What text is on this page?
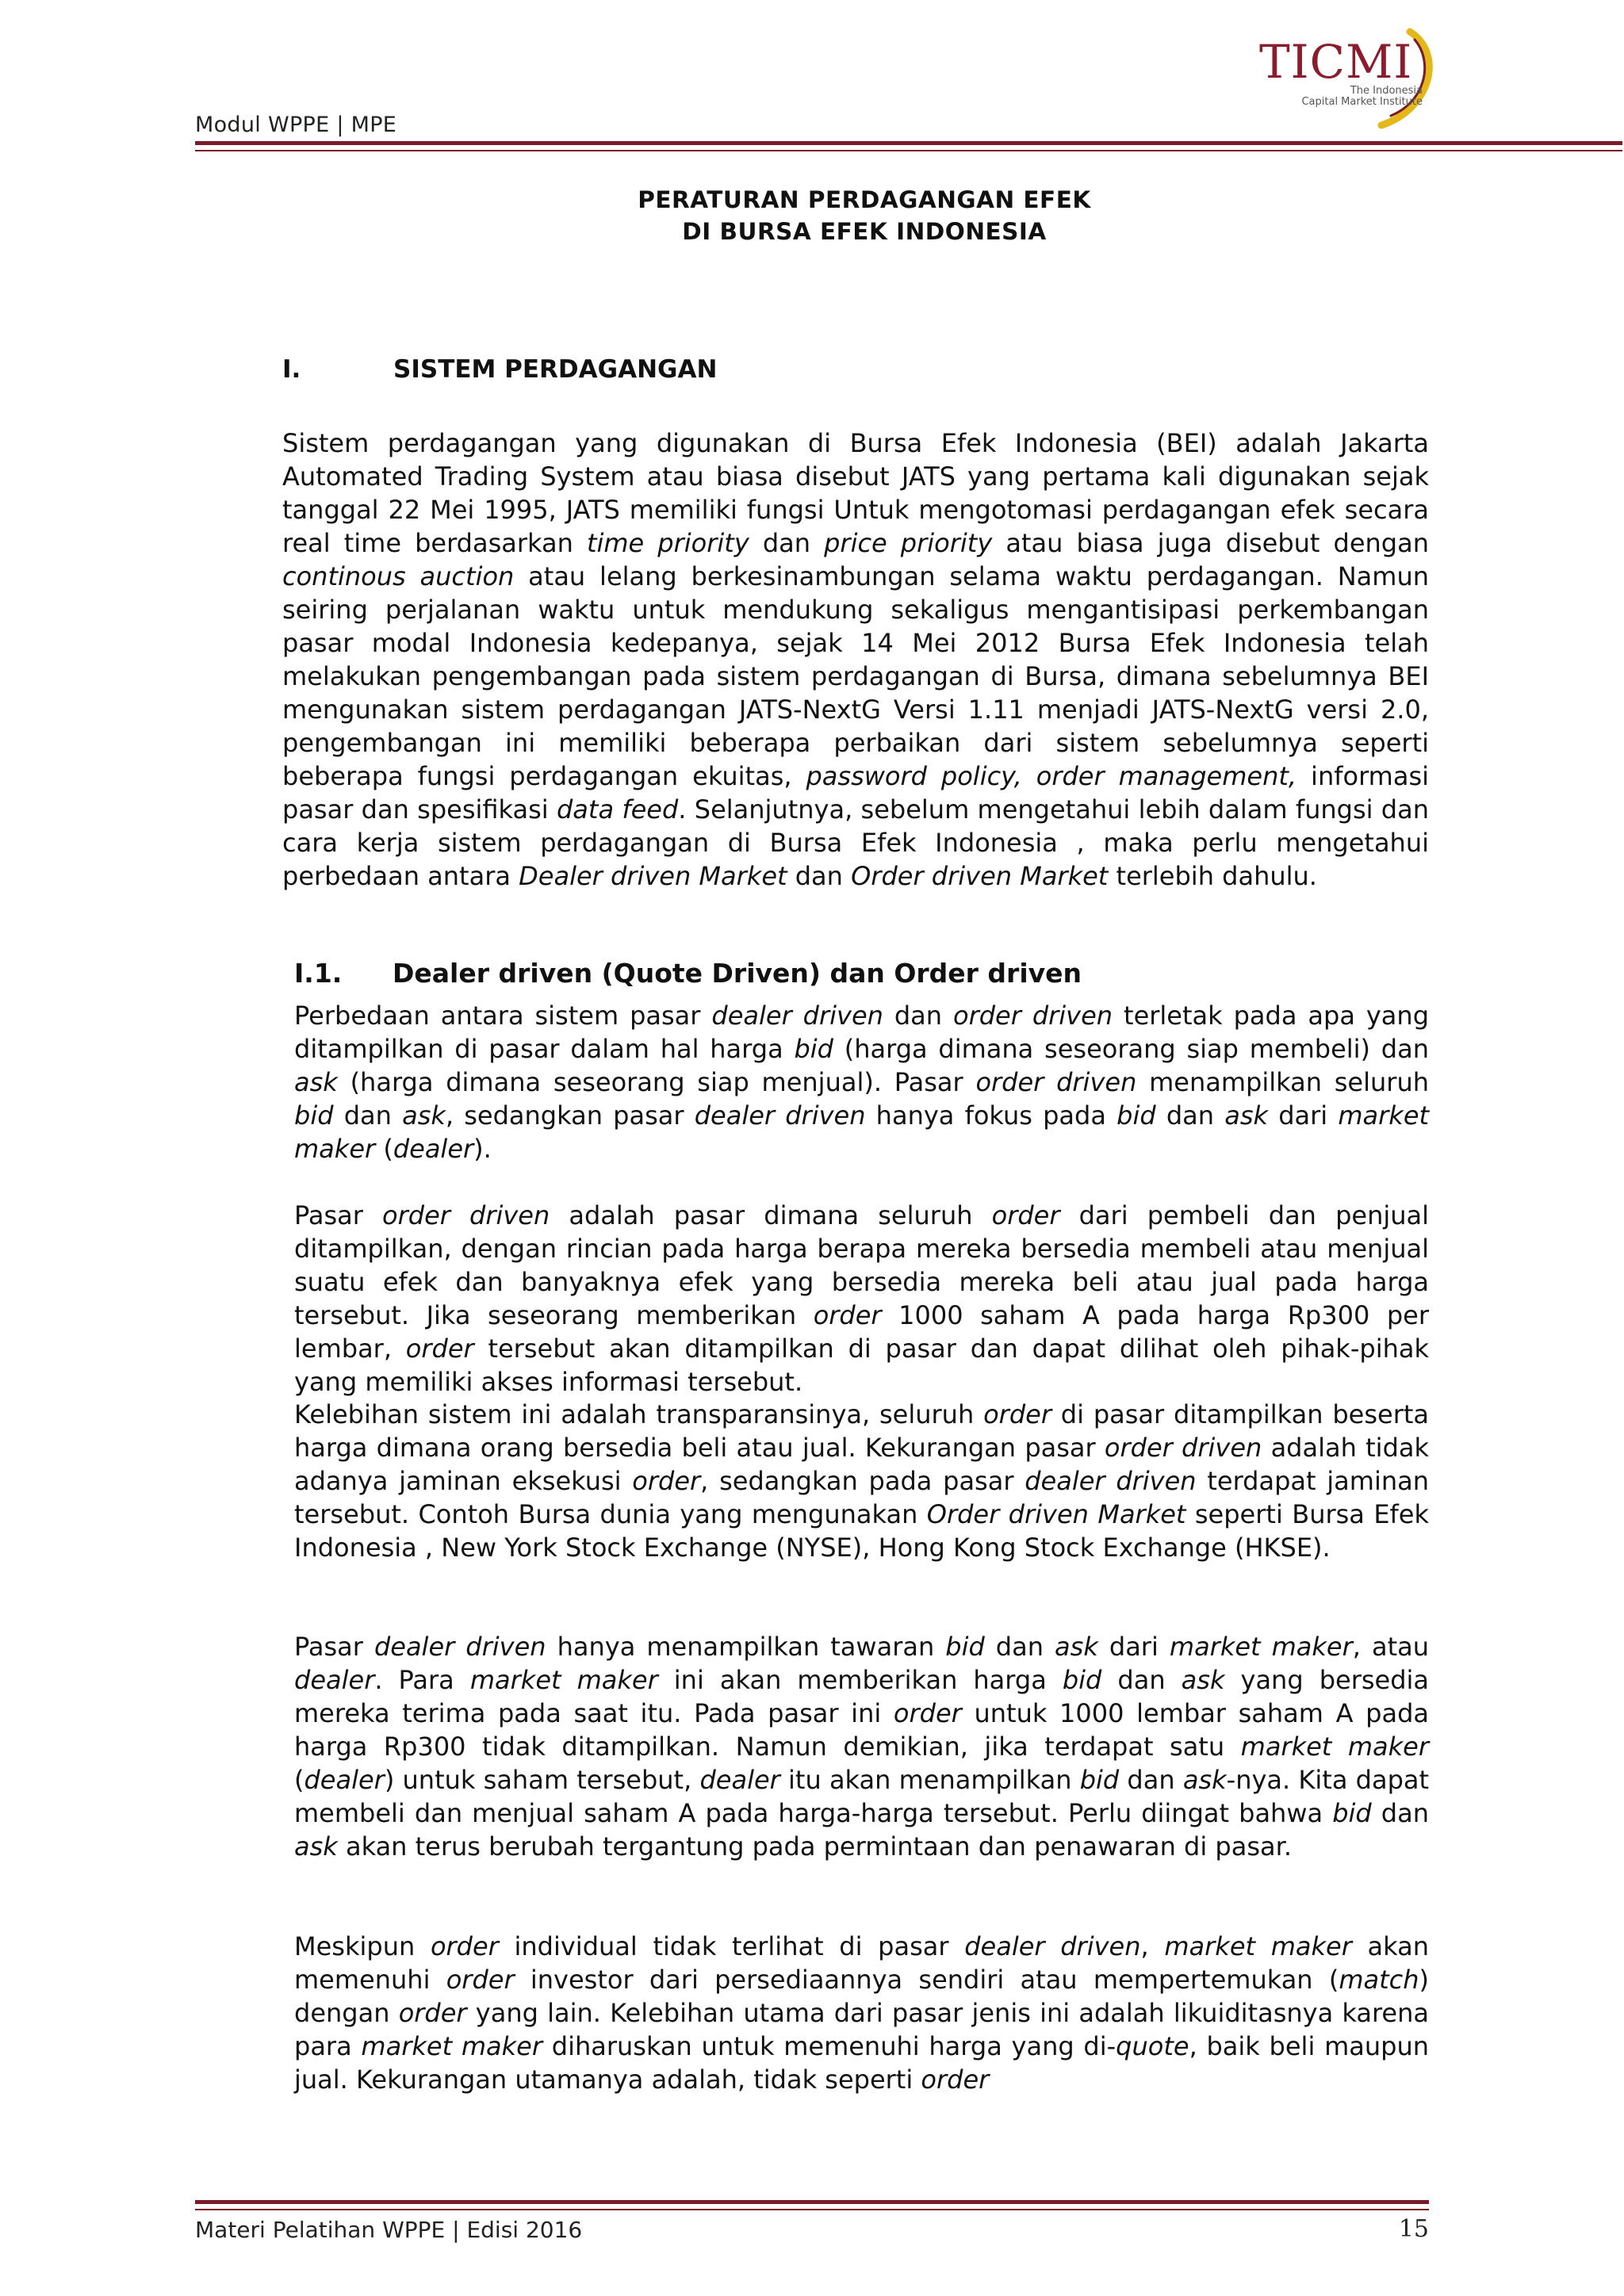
Modul WPPE | MPE
TICMI
The Indonesia
Capital Market Institute
PERATURAN PERDAGANGAN EFEK
DI BURSA EFEK INDONESIA
I.	SISTEM PERDAGANGAN

Sistem perdagangan yang digunakan di Bursa Efek Indonesia (BEI) adalah Jakarta Automated Trading System atau biasa disebut JATS yang pertama kali digunakan sejak tanggal 22 Mei 1995, JATS memiliki fungsi Untuk mengotomasi perdagangan efek secara real time berdasarkan time priority dan price priority atau biasa juga disebut dengan continous auction atau lelang berkesinambungan selama waktu perdagangan. Namun seiring perjalanan waktu untuk mendukung sekaligus mengantisipasi perkembangan pasar modal Indonesia kedepanya, sejak 14 Mei 2012 Bursa Efek Indonesia telah melakukan pengembangan pada sistem perdagangan di Bursa, dimana sebelumnya BEI mengunakan sistem perdagangan JATS-NextG Versi 1.11 menjadi JATS-NextG versi 2.0, pengembangan ini memiliki beberapa perbaikan dari sistem sebelumnya seperti beberapa fungsi perdagangan ekuitas, password policy, order management, informasi pasar dan spesifikasi data feed. Selanjutnya, sebelum mengetahui lebih dalam fungsi dan cara kerja sistem perdagangan di Bursa Efek Indonesia , maka perlu mengetahui perbedaan antara Dealer driven Market dan Order driven Market terlebih dahulu.

I.1. Dealer driven (Quote Driven) dan Order driven

Perbedaan antara sistem pasar dealer driven dan order driven terletak pada apa yang ditampilkan di pasar dalam hal harga bid (harga dimana seseorang siap membeli) dan ask (harga dimana seseorang siap menjual). Pasar order driven menampilkan seluruh bid dan ask, sedangkan pasar dealer driven hanya fokus pada bid dan ask dari market maker (dealer).

Pasar order driven adalah pasar dimana seluruh order dari pembeli dan penjual ditampilkan, dengan rincian pada harga berapa mereka bersedia membeli atau menjual suatu efek dan banyaknya efek yang bersedia mereka beli atau jual pada harga tersebut. Jika seseorang memberikan order 1000 saham A pada harga Rp300 per lembar, order tersebut akan ditampilkan di pasar dan dapat dilihat oleh pihak-pihak yang memiliki akses informasi tersebut.

Kelebihan sistem ini adalah transparansinya, seluruh order di pasar ditampilkan beserta harga dimana orang bersedia beli atau jual. Kekurangan pasar order driven adalah tidak adanya jaminan eksekusi order, sedangkan pada pasar dealer driven terdapat jaminan tersebut. Contoh Bursa dunia yang mengunakan Order driven Market seperti Bursa Efek Indonesia , New York Stock Exchange (NYSE), Hong Kong Stock Exchange (HKSE).

Pasar dealer driven hanya menampilkan tawaran bid dan ask dari market maker, atau dealer. Para market maker ini akan memberikan harga bid dan ask yang bersedia mereka terima pada saat itu. Pada pasar ini order untuk 1000 lembar saham A pada harga Rp300 tidak ditampilkan. Namun demikian, jika terdapat satu market maker (dealer) untuk saham tersebut, dealer itu akan menampilkan bid dan ask-nya. Kita dapat membeli dan menjual saham A pada harga-harga tersebut. Perlu diingat bahwa bid dan ask akan terus berubah tergantung pada permintaan dan penawaran di pasar.

Meskipun order individual tidak terlihat di pasar dealer driven, market maker akan memenuhi order investor dari persediaannya sendiri atau mempertemukan (match) dengan order yang lain. Kelebihan utama dari pasar jenis ini adalah likuiditasnya karena para market maker diharuskan untuk memenuhi harga yang di-quote, baik beli maupun jual. Kekurangan utamanya adalah, tidak seperti order

Materi Pelatihan WPPE | Edisi 2016	15
